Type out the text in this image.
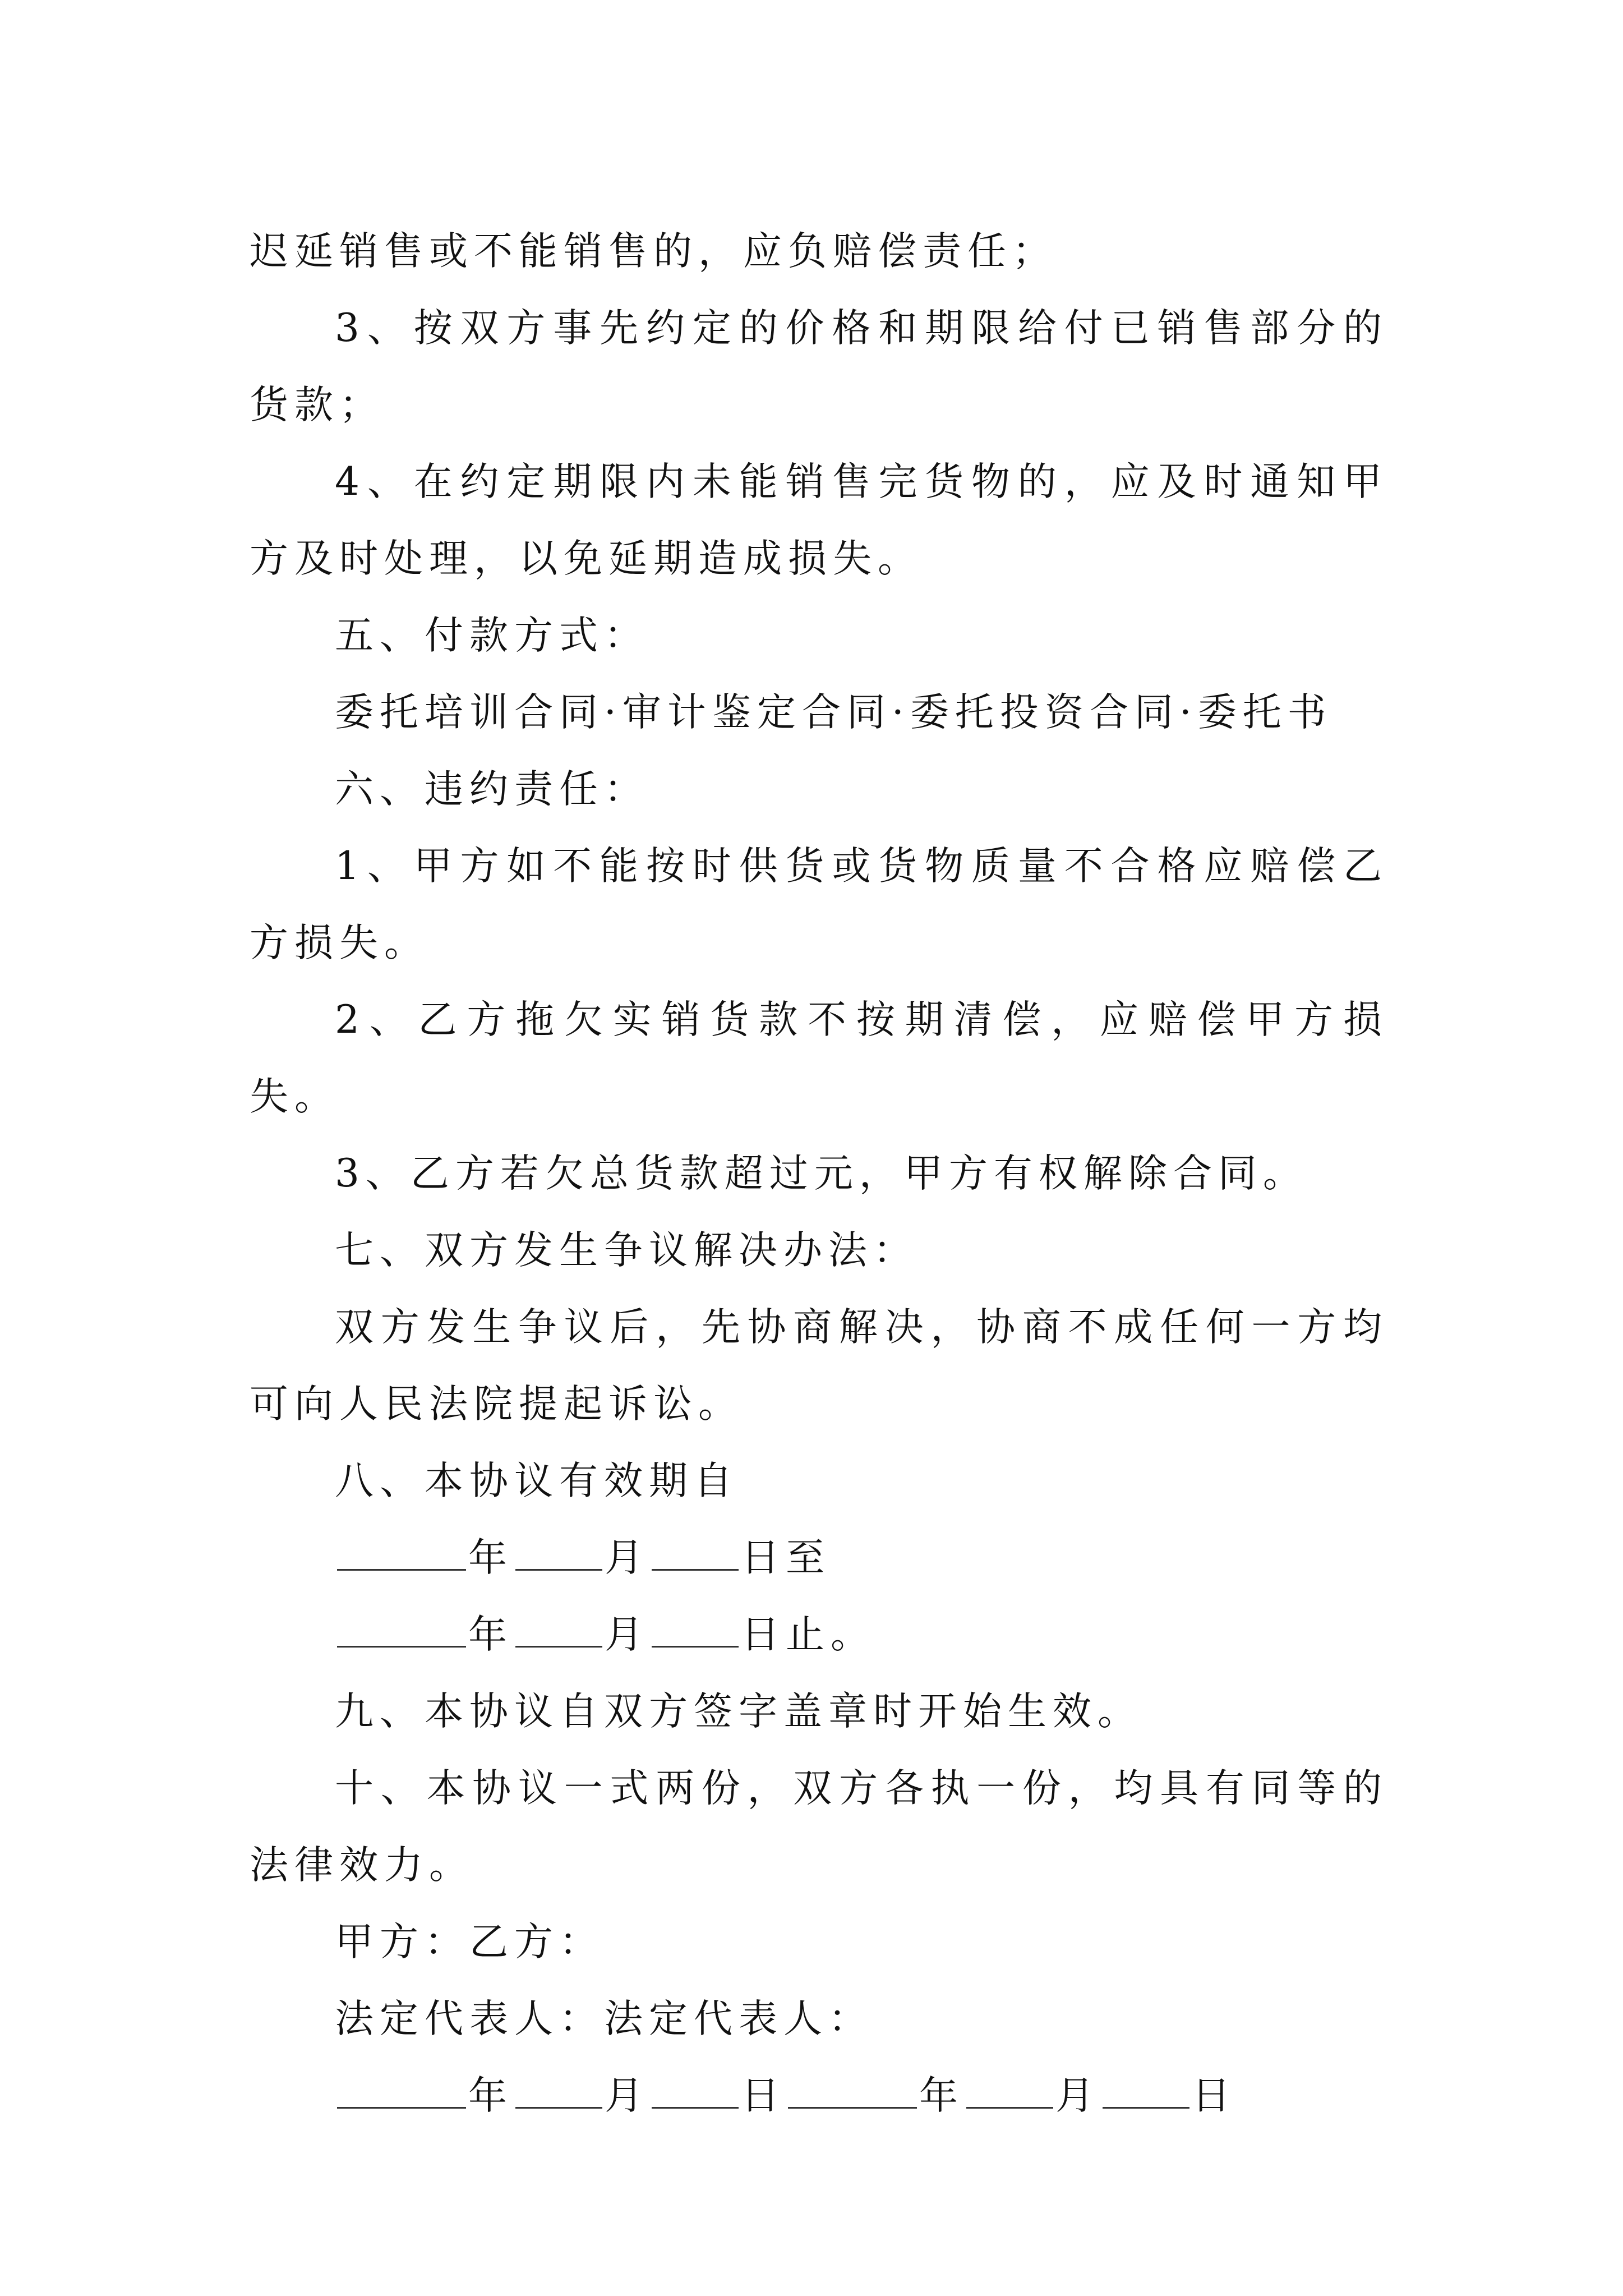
迟延销售或不能销售的，应负赔偿责任；

3、按双方事先约定的价格和期限给付已销售部分的货款；

4、在约定期限内未能销售完货物的，应及时通知甲方及时处理，以免延期造成损失。

五、付款方式：

委托培训合同·审计鉴定合同·委托投资合同·委托书

六、违约责任：

1、甲方如不能按时供货或货物质量不合格应赔偿乙方损失。

2、乙方拖欠实销货款不按期清偿，应赔偿甲方损失。

3、乙方若欠总货款超过元，甲方有权解除合同。

七、双方发生争议解决办法：

双方发生争议后，先协商解决，协商不成任何一方均可向人民法院提起诉讼。

八、本协议有效期自

年 月 日至
年 月 日止。

九、本协议自双方签字盖章时开始生效。

十、本协议一式两份，双方各执一份，均具有同等的法律效力。

甲方：乙方：

法定代表人：法定代表人：

年 月 日	年 月 日
